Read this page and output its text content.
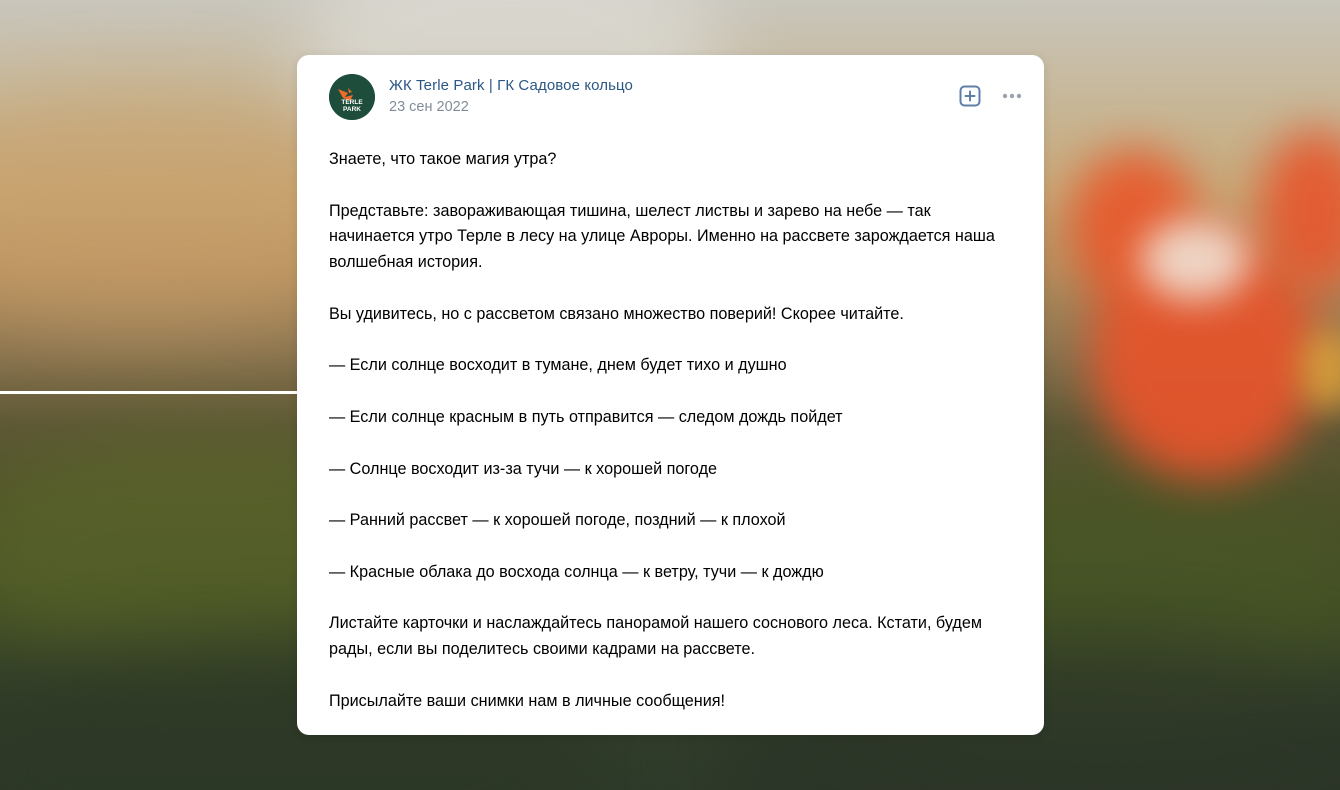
TERLE
PARK
ЖК Terle Park | ГК Садовое кольцо
23 сен 2022

Знаете, что такое магия утра?

Представьте: завораживающая тишина, шелест листвы и зарево на небе — так начинается утро Терле в лесу на улице Авроры. Именно на рассвете зарождается наша волшебная история.

Вы удивитесь, но с рассветом связано множество поверий! Скорее читайте.

— Если солнце восходит в тумане, днем будет тихо и душно

— Если солнце красным в путь отправится — следом дождь пойдет

— Солнце восходит из-за тучи — к хорошей погоде

— Ранний рассвет — к хорошей погоде, поздний — к плохой

— Красные облака до восхода солнца — к ветру, тучи — к дождю

Листайте карточки и наслаждайтесь панорамой нашего соснового леса. Кстати, будем рады, если вы поделитесь своими кадрами на рассвете.

Присылайте ваши снимки нам в личные сообщения!
